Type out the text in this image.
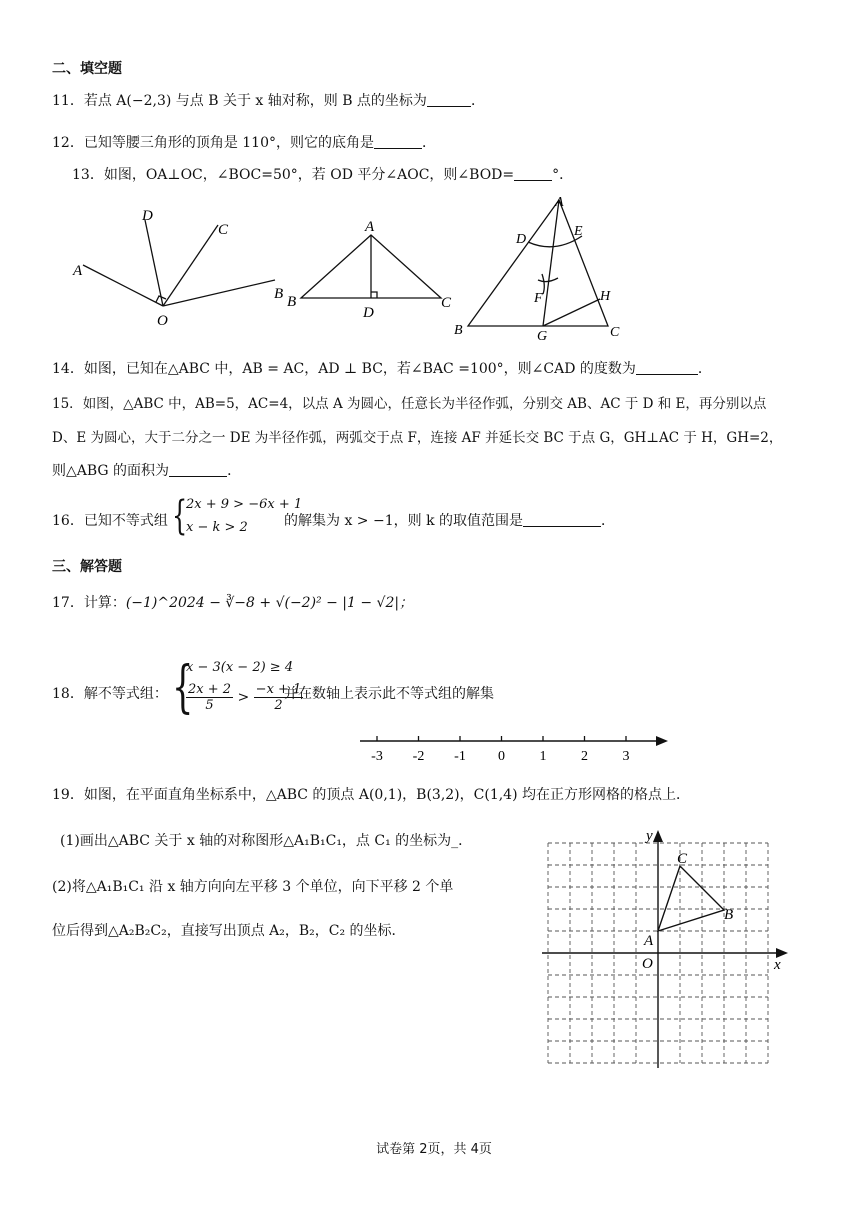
二、填空题
11．若点 A(−2,3) 与点 B 关于 x 轴对称，则 B 点的坐标为	．
12．已知等腰三角形的顶角是 110°，则它的底角是	．
13．如图，OA⊥OC，∠BOC=50°，若 OD 平分∠AOC，则∠BOD=	°．
A
D
C
B
O
A
B	C
D
A
D
E
F	H
B	G	C
14．如图，已知在△ABC 中，AB = AC，AD ⊥ BC，若∠BAC =100°，则∠CAD 的度数为	．
15．如图，△ABC 中，AB=5，AC=4，以点 A 为圆心，任意长为半径作弧，分别交 AB、AC 于 D 和 E，再分别以点
D、E 为圆心，大于二分之一 DE 为半径作弧，两弧交于点 F，连接 AF 并延长交 BC 于点 G，GH⊥AC 于 H，GH=2，
则△ABG 的面积为	．
16．已知不等式组 {
2x + 9 > −6x + 1
x − k > 2	的解集为 x > −1，则 k 的取值范围是	．
三、解答题
17．计算：(−1)^2024 − ∛−8 + √(−2)² − |1 − √2|；
18．解不等式组： {
x − 3(x − 2) ≥ 4
$\frac{2x + 2}{5} > \frac{-x + 1}{2}$
并在数轴上表示此不等式组的解集
-3 -2 -1 0 1 2 3
19．如图，在平面直角坐标系中，△ABC 的顶点 A(0,1)，B(3,2)，C(1,4) 均在正方形网格的格点上．
(1)画出△ABC 关于 x 轴的对称图形△A₁B₁C₁，点 C₁ 的坐标为_．
(2)将△A₁B₁C₁ 沿 x 轴方向向左平移 3 个单位，向下平移 2 个单
位后得到△A₂B₂C₂，直接写出顶点 A₂，B₂，C₂ 的坐标．
x
y
O
A
B
C
试卷第 2页，共 4页
